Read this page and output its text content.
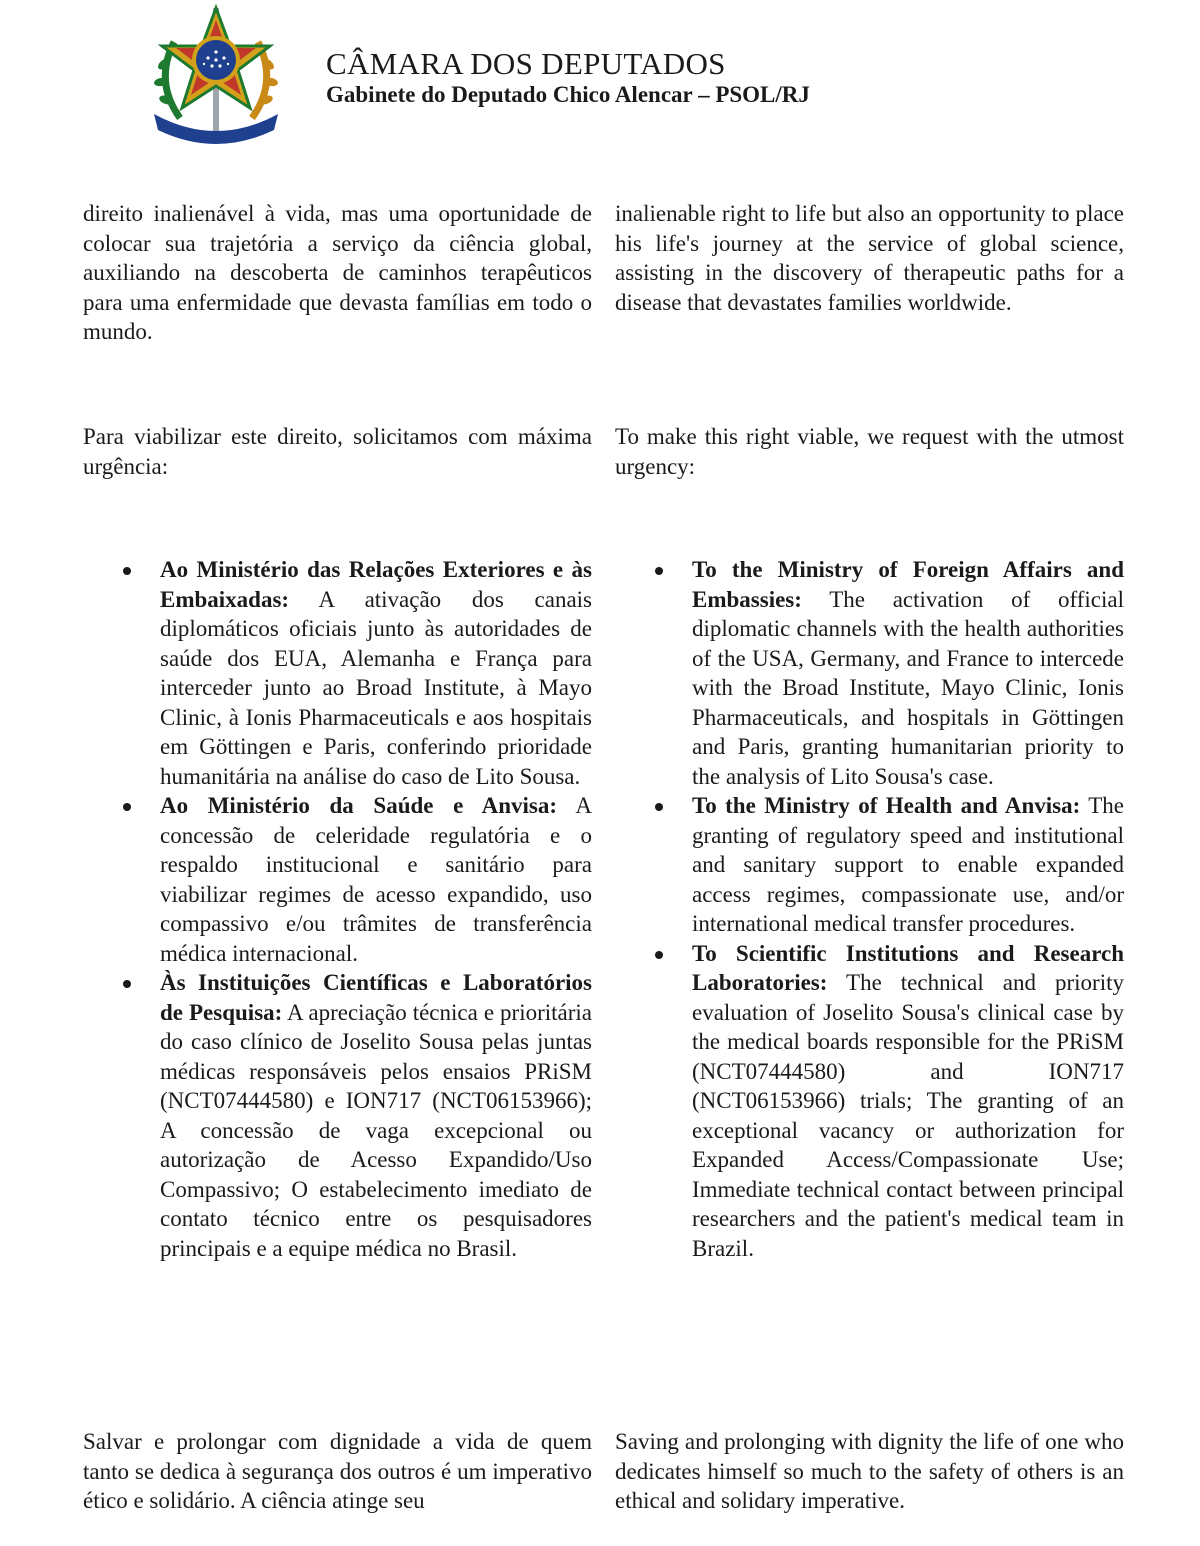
CÂMARA DOS DEPUTADOS
Gabinete do Deputado Chico Alencar – PSOL/RJ

direito inalienável à vida, mas uma oportunidade de colocar sua trajetória a serviço da ciência global, auxiliando na descoberta de caminhos terapêuticos para uma enfermidade que devasta famílias em todo o mundo.

Para viabilizar este direito, solicitamos com máxima urgência:

Ao Ministério das Relações Exteriores e às Embaixadas: A ativação dos canais diplomáticos oficiais junto às autoridades de saúde dos EUA, Alemanha e França para interceder junto ao Broad Institute, à Mayo Clinic, à Ionis Pharmaceuticals e aos hospitais em Göttingen e Paris, conferindo prioridade humanitária na análise do caso de Lito Sousa.
Ao Ministério da Saúde e Anvisa: A concessão de celeridade regulatória e o respaldo institucional e sanitário para viabilizar regimes de acesso expandido, uso compassivo e/ou trâmites de transferência médica internacional.
Às Instituições Científicas e Laboratórios de Pesquisa: A apreciação técnica e prioritária do caso clínico de Joselito Sousa pelas juntas médicas responsáveis pelos ensaios PRiSM (NCT07444580) e ION717 (NCT06153966); A concessão de vaga excepcional ou autorização de Acesso Expandido/Uso Compassivo; O estabelecimento imediato de contato técnico entre os pesquisadores principais e a equipe médica no Brasil.

Salvar e prolongar com dignidade a vida de quem tanto se dedica à segurança dos outros é um imperativo ético e solidário. A ciência atinge seu

inalienable right to life but also an opportunity to place his life's journey at the service of global science, assisting in the discovery of therapeutic paths for a disease that devastates families worldwide.

To make this right viable, we request with the utmost urgency:

To the Ministry of Foreign Affairs and Embassies: The activation of official diplomatic channels with the health authorities of the USA, Germany, and France to intercede with the Broad Institute, Mayo Clinic, Ionis Pharmaceuticals, and hospitals in Göttingen and Paris, granting humanitarian priority to the analysis of Lito Sousa's case.
To the Ministry of Health and Anvisa: The granting of regulatory speed and institutional and sanitary support to enable expanded access regimes, compassionate use, and/or international medical transfer procedures.
To Scientific Institutions and Research Laboratories: The technical and priority evaluation of Joselito Sousa's clinical case by the medical boards responsible for the PRiSM (NCT07444580) and ION717 (NCT06153966) trials; The granting of an exceptional vacancy or authorization for Expanded Access/Compassionate Use; Immediate technical contact between principal researchers and the patient's medical team in Brazil.

Saving and prolonging with dignity the life of one who dedicates himself so much to the safety of others is an ethical and solidary imperative.
